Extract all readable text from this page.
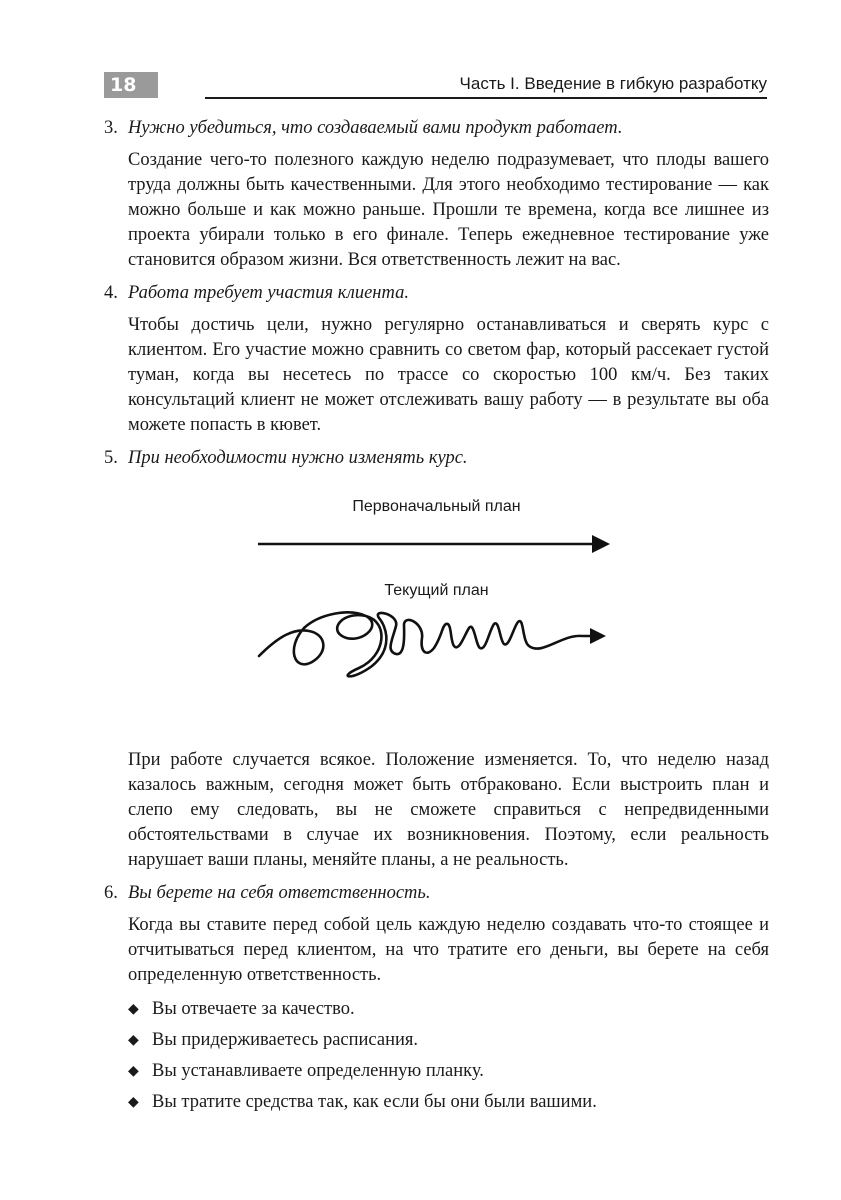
18	Часть I. Введение в гибкую разработку
3. Нужно убедиться, что создаваемый вами продукт работает.
Создание чего-то полезного каждую неделю подразумевает, что плоды вашего труда должны быть качественными. Для этого необходимо тестирование — как можно больше и как можно раньше. Прошли те времена, когда все лишнее из проекта убирали только в его финале. Теперь ежедневное тестирование уже становится образом жизни. Вся ответственность лежит на вас.
4. Работа требует участия клиента.
Чтобы достичь цели, нужно регулярно останавливаться и сверять курс с клиентом. Его участие можно сравнить со светом фар, который рассекает густой туман, когда вы несетесь по трассе со скоростью 100 км/ч. Без таких консультаций клиент не может отслеживать вашу работу — в результате вы оба можете попасть в кювет.
5. При необходимости нужно изменять курс.
Первоначальный план
Текущий план
При работе случается всякое. Положение изменяется. То, что неделю назад казалось важным, сегодня может быть отбраковано. Если выстроить план и слепо ему следовать, вы не сможете справиться с непредвиденными обстоятельствами в случае их возникновения. Поэтому, если реальность нарушает ваши планы, меняйте планы, а не реальность.
6. Вы берете на себя ответственность.
Когда вы ставите перед собой цель каждую неделю создавать что-то стоящее и отчитываться перед клиентом, на что тратите его деньги, вы берете на себя определенную ответственность.
◆ Вы отвечаете за качество.
◆ Вы придерживаетесь расписания.
◆ Вы устанавливаете определенную планку.
◆ Вы тратите средства так, как если бы они были вашими.
